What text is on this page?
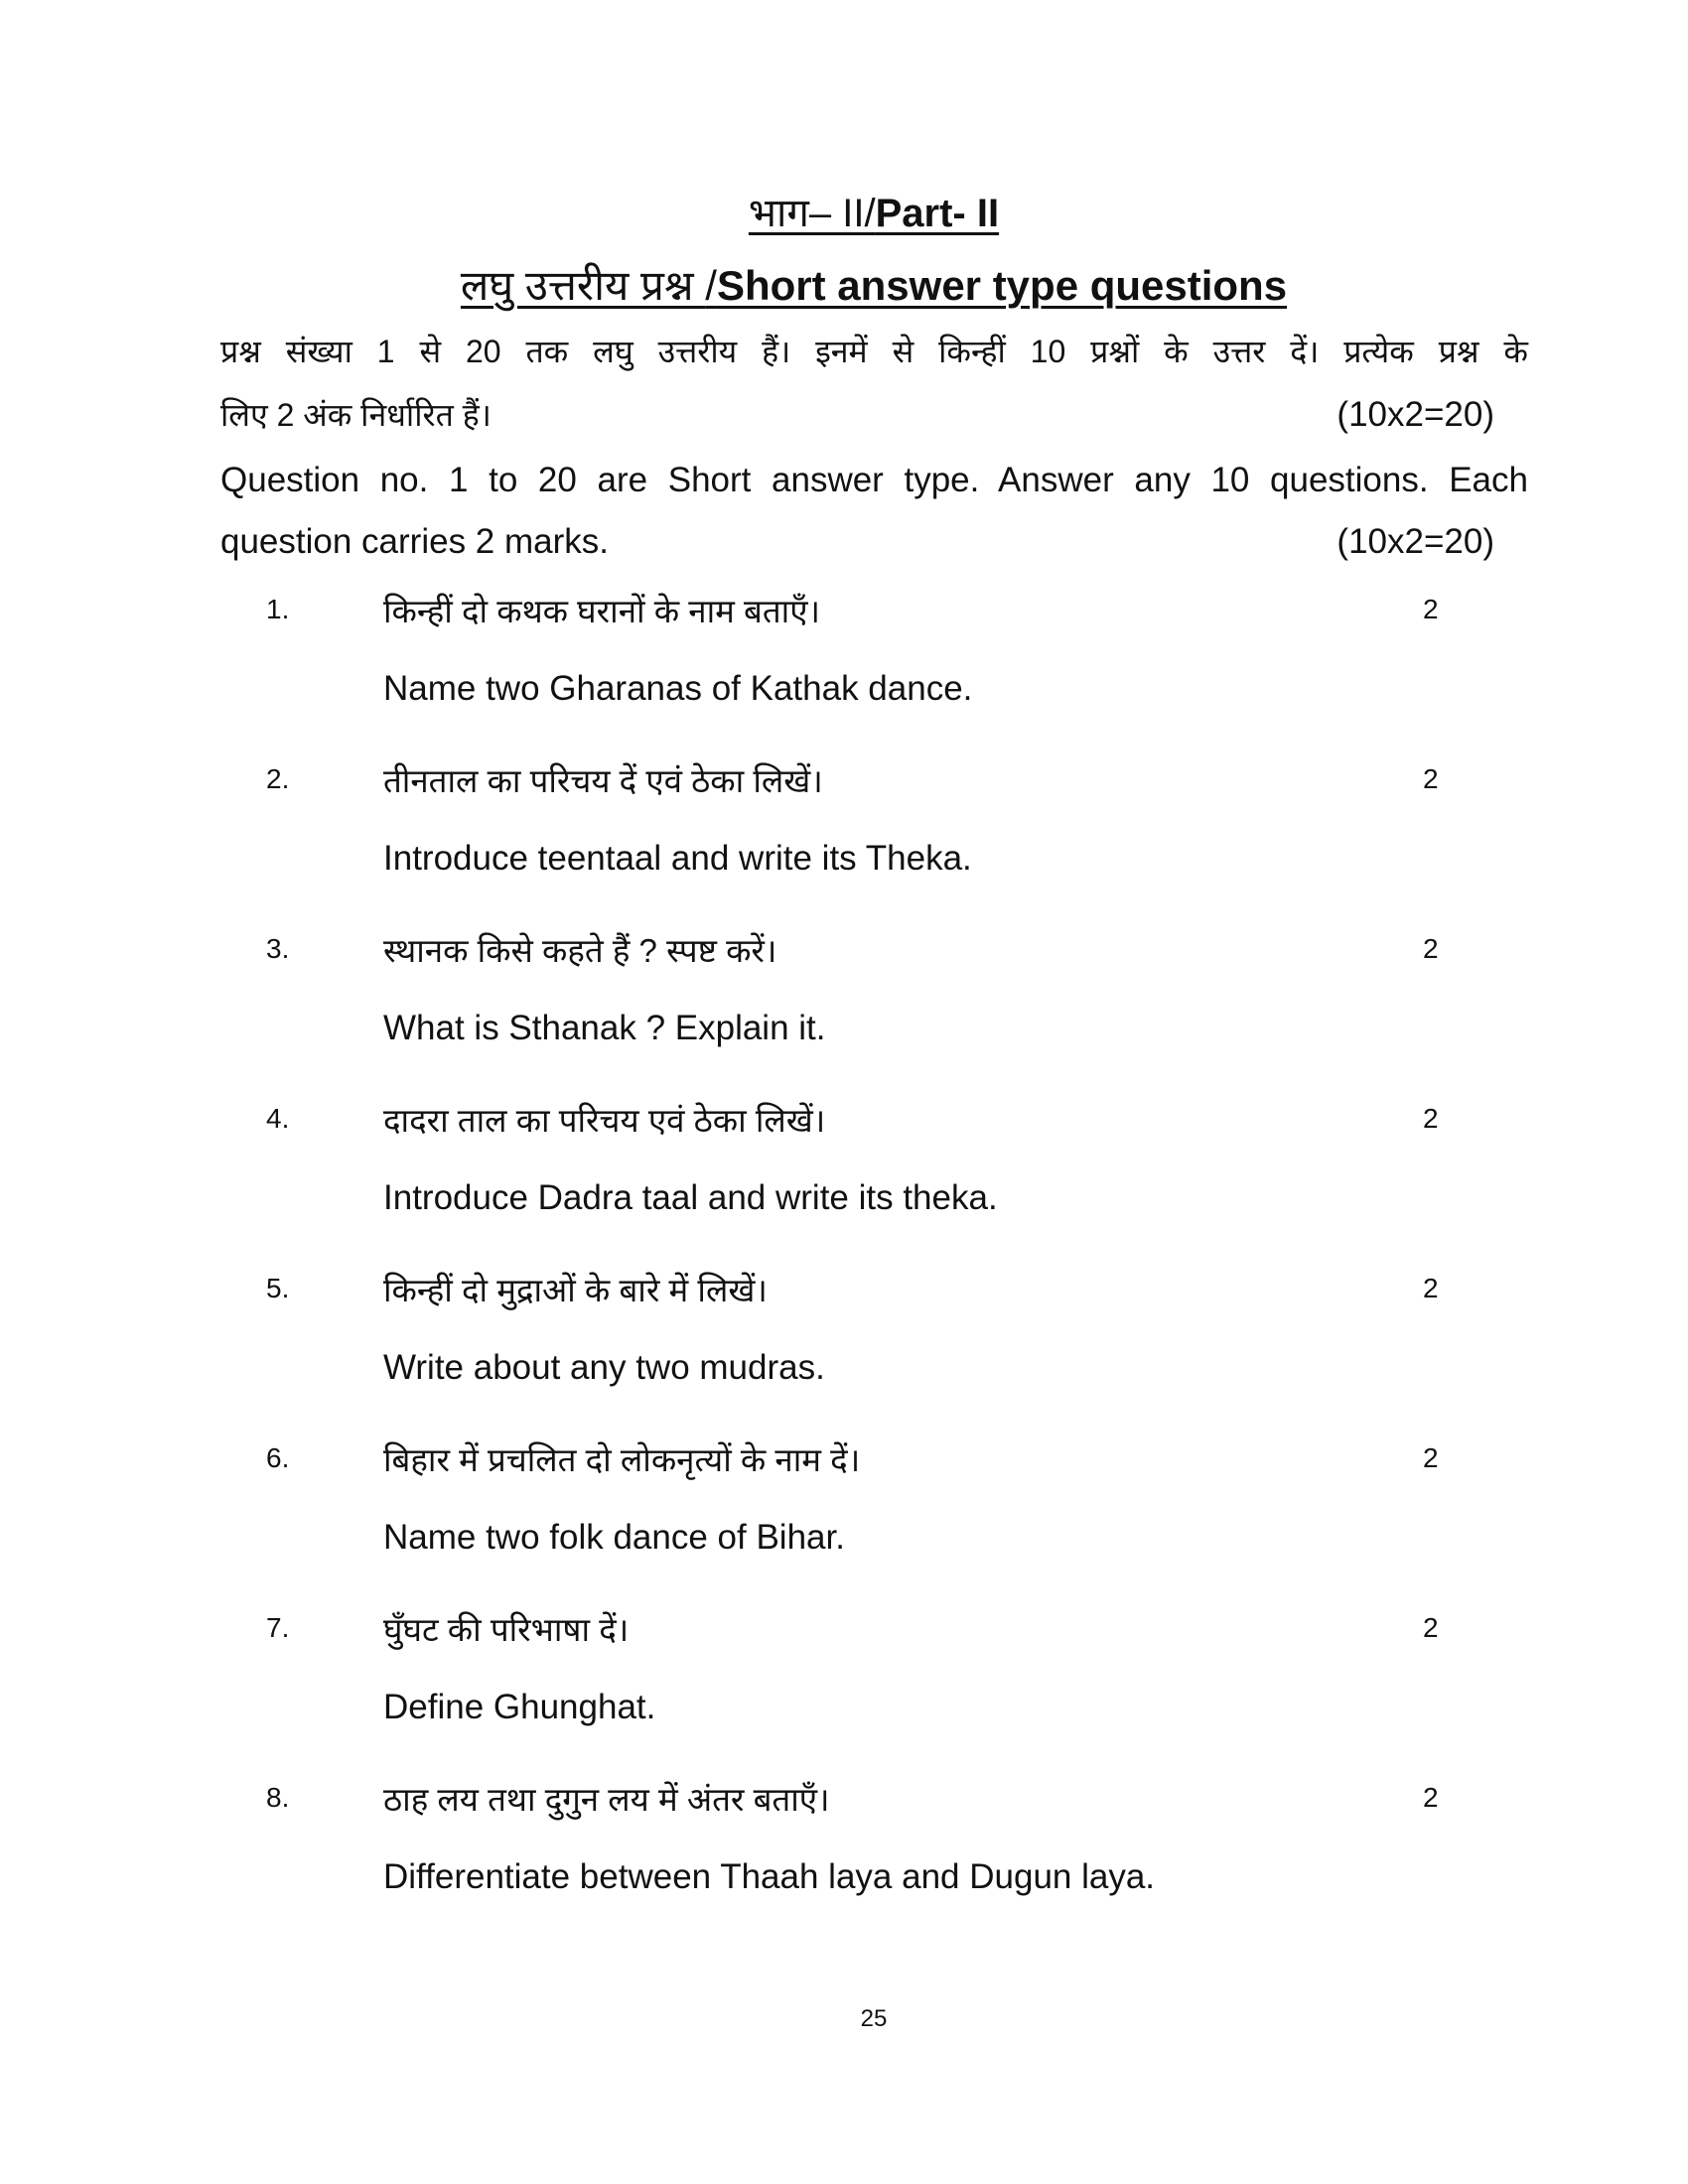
भाग– II/Part- II
लघु उत्तरीय प्रश्न /Short answer type questions
प्रश्न संख्या 1 से 20 तक लघु उत्तरीय हैं। इनमें से किन्हीं 10 प्रश्नों के उत्तर दें। प्रत्येक प्रश्न के
लिए 2 अंक निर्धारित हैं।	(10x2=20)
Question no. 1 to 20 are Short answer type. Answer any 10 questions. Each
question carries 2 marks.	(10x2=20)
1.	किन्हीं दो कथक घरानों के नाम बताएँ।	2
Name two Gharanas of Kathak dance.
2.	तीनताल का परिचय दें एवं ठेका लिखें।	2
Introduce teentaal and write its Theka.
3.	स्थानक किसे कहते हैं ? स्पष्ट करें।	2
What is Sthanak ? Explain it.
4.	दादरा ताल का परिचय एवं ठेका लिखें।	2
Introduce Dadra taal and write its theka.
5.	किन्हीं दो मुद्राओं के बारे में लिखें।	2
Write about any two mudras.
6.	बिहार में प्रचलित दो लोकनृत्यों के नाम दें।	2
Name two folk dance of Bihar.
7.	घुँघट की परिभाषा दें।	2
Define Ghunghat.
8.	ठाह लय तथा दुगुन लय में अंतर बताएँ।	2
Differentiate between Thaah laya and Dugun laya.
25
